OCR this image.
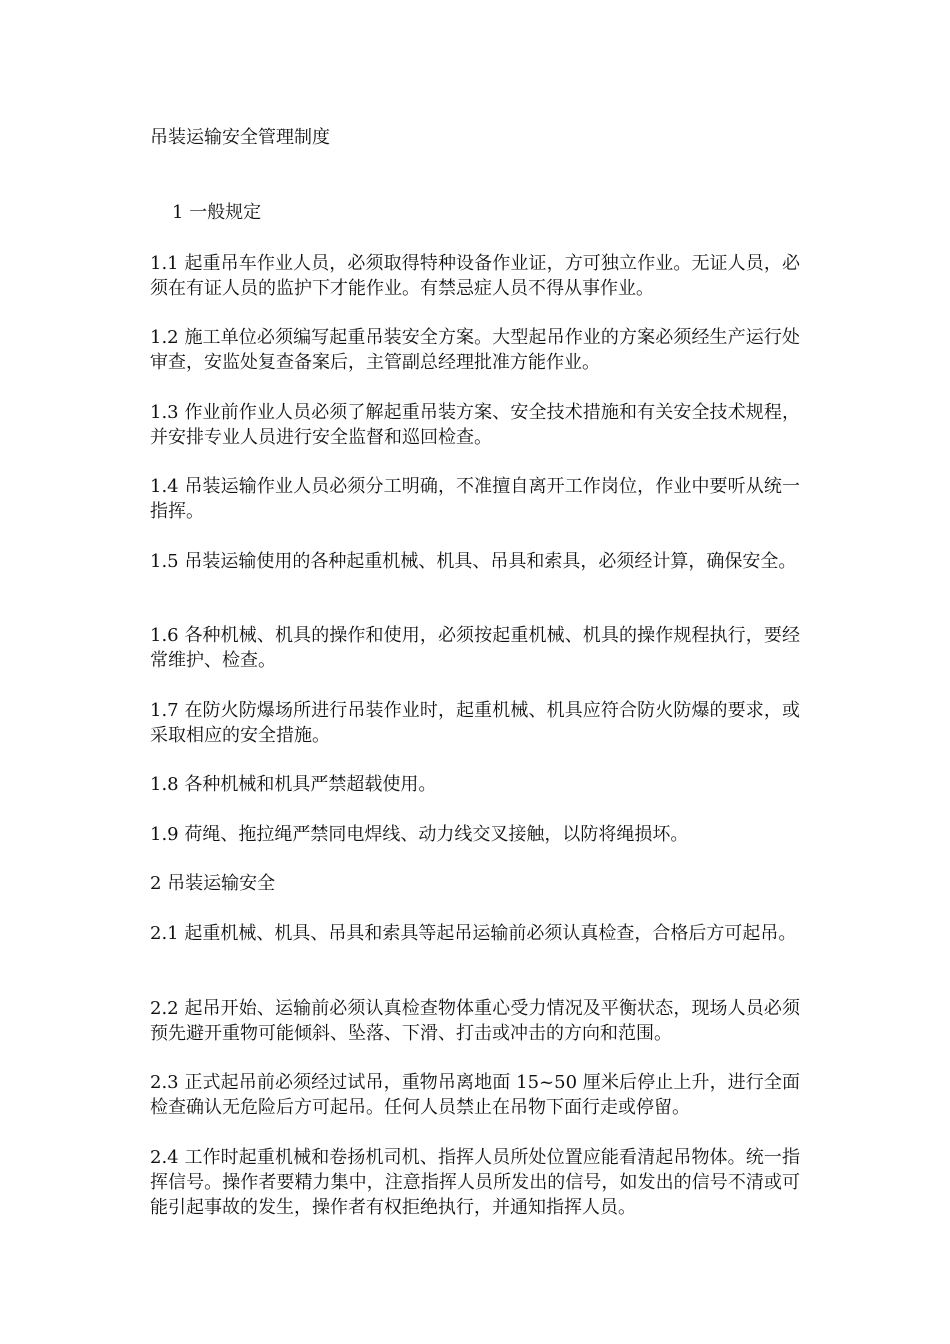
吊装运输安全管理制度
1 一般规定

1.1 起重吊车作业人员，必须取得特种设备作业证，方可独立作业。无证人员，必须在有证人员的监护下才能作业。有禁忌症人员不得从事作业。

1.2 施工单位必须编写起重吊装安全方案。大型起吊作业的方案必须经生产运行处审查，安监处复查备案后，主管副总经理批准方能作业。

1.3 作业前作业人员必须了解起重吊装方案、安全技术措施和有关安全技术规程，并安排专业人员进行安全监督和巡回检查。

1.4 吊装运输作业人员必须分工明确，不准擅自离开工作岗位，作业中要听从统一指挥。

1.5 吊装运输使用的各种起重机械、机具、吊具和索具，必须经计算，确保安全。

1.6 各种机械、机具的操作和使用，必须按起重机械、机具的操作规程执行，要经常维护、检查。

1.7 在防火防爆场所进行吊装作业时，起重机械、机具应符合防火防爆的要求，或采取相应的安全措施。

1.8 各种机械和机具严禁超载使用。

1.9 荷绳、拖拉绳严禁同电焊线、动力线交叉接触，以防将绳损坏。

2 吊装运输安全

2.1 起重机械、机具、吊具和索具等起吊运输前必须认真检查，合格后方可起吊。

2.2 起吊开始、运输前必须认真检查物体重心受力情况及平衡状态，现场人员必须预先避开重物可能倾斜、坠落、下滑、打击或冲击的方向和范围。

2.3 正式起吊前必须经过试吊，重物吊离地面 15~50 厘米后停止上升，进行全面检查确认无危险后方可起吊。任何人员禁止在吊物下面行走或停留。

2.4 工作时起重机械和卷扬机司机、指挥人员所处位置应能看清起吊物体。统一指挥信号。操作者要精力集中，注意指挥人员所发出的信号，如发出的信号不清或可能引起事故的发生，操作者有权拒绝执行，并通知指挥人员。
